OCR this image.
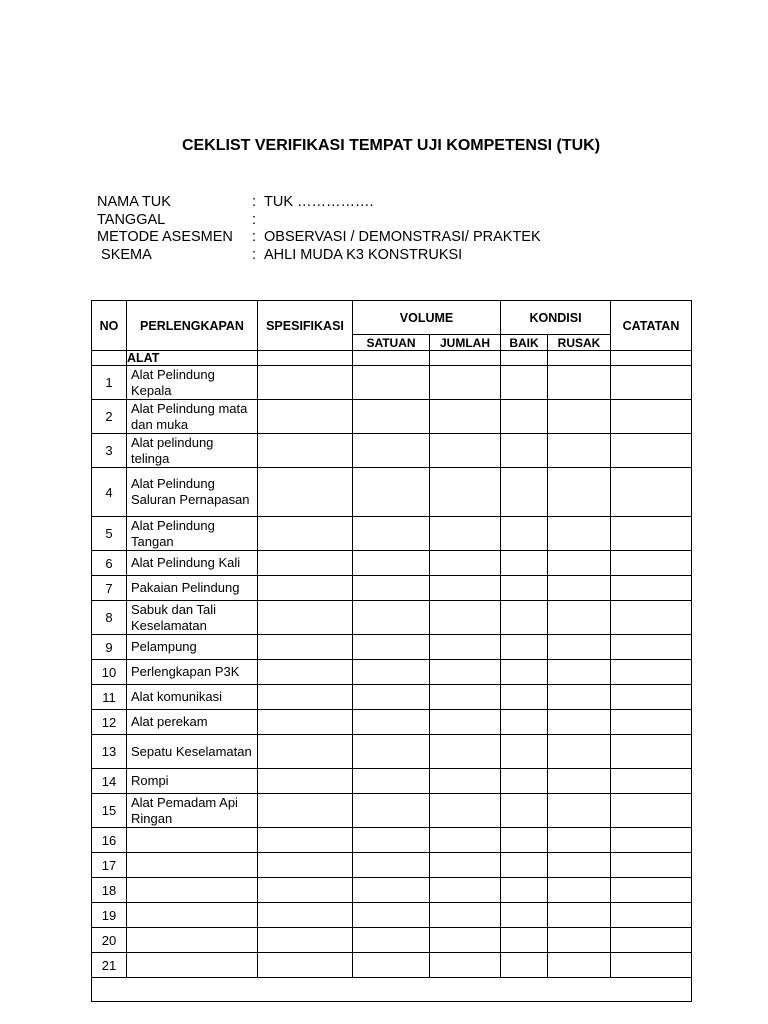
CEKLIST VERIFIKASI TEMPAT UJI KOMPETENSI (TUK)
NAMA TUK	: TUK …………….
TANGGAL	:
METODE ASESMEN : OBSERVASI / DEMONSTRASI/ PRAKTEK
SKEMA	: AHLI MUDA K3 KONSTRUKSI
NO	PERLENGKAPAN	SPESIFIKASI	VOLUME		KONDISI		CATATAN
			SATUAN	JUMLAH	BAIK	RUSAK	
	ALAT						
1	Alat Pelindung Kepala						
2	Alat Pelindung mata dan muka						
3	Alat pelindung telinga						
4	Alat Pelindung Saluran Pernapasan						
5	Alat Pelindung Tangan						
6	Alat Pelindung Kali						
7	Pakaian Pelindung						
8	Sabuk dan Tali Keselamatan						
9	Pelampung						
10	Perlengkapan P3K						
11	Alat komunikasi						
12	Alat perekam						
13	Sepatu Keselamatan						
14	Rompi						
15	Alat Pemadam Api Ringan						
16							
17							
18							
19							
20							
21							
